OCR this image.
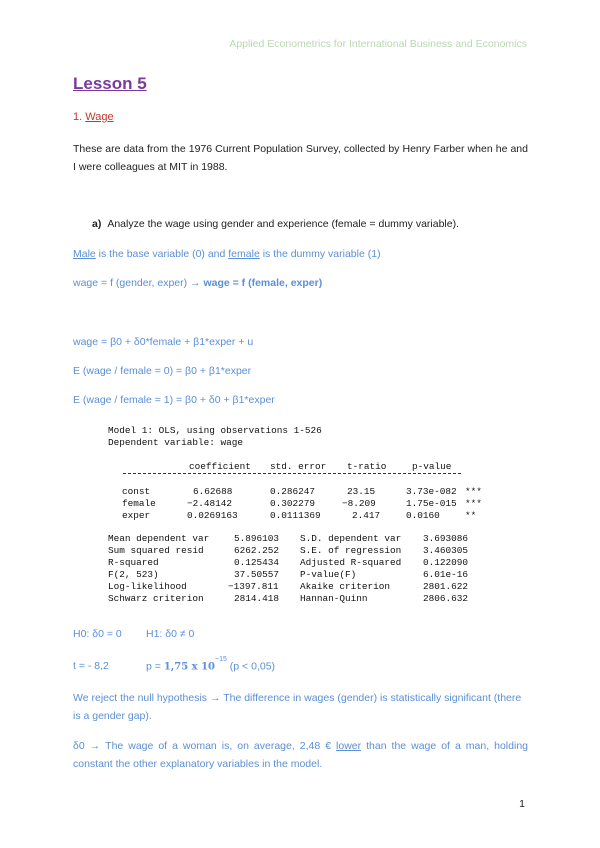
Applied Econometrics for International Business and Economics
Lesson 5
1. Wage
These are data from the 1976 Current Population Survey, collected by Henry Farber when he and I were colleagues at MIT in 1988.
a) Analyze the wage using gender and experience (female = dummy variable).
Male is the base variable (0) and female is the dummy variable (1)
wage = f (gender, exper) → wage = f (female, exper)
wage = β0 + δ0*female + β1*exper + u
E (wage / female = 0) = β0 + β1*exper
E (wage / female = 1) = β0 + δ0 + β1*exper
Model 1: OLS, using observations 1-526
Dependent variable: wage
coefficient std. error t-ratio	p-value
const	6.62688	0.286247	23.15	3.73e-082 ***
female	−2.48142	0.302279	−8.209	1.75e-015 ***
exper	0.0269163	0.0111369	2.417	0.0160	**
Mean dependent var	5.896103 S.D. dependent var 3.693086
Sum squared resid	6262.252 S.E. of regression 3.460305
R-squared	0.125434 Adjusted R-squared 0.122090
F(2, 523)	37.50557 P-value(F)	6.01e-16
Log-likelihood	−1397.811 Akaike criterion	2801.622
Schwarz criterion	2814.418 Hannan-Quinn	2806.632
H0: δ0 = 0 H1: δ0 ≠ 0
t = - 8,2	p = 1,75 x $10^{-15}$ (p < 0,05)
We reject the null hypothesis → The difference in wages (gender) is statistically significant (there is a gender gap).
δ0 → The wage of a woman is, on average, 2,48 € lower than the wage of a man, holding constant the other explanatory variables in the model.
1
